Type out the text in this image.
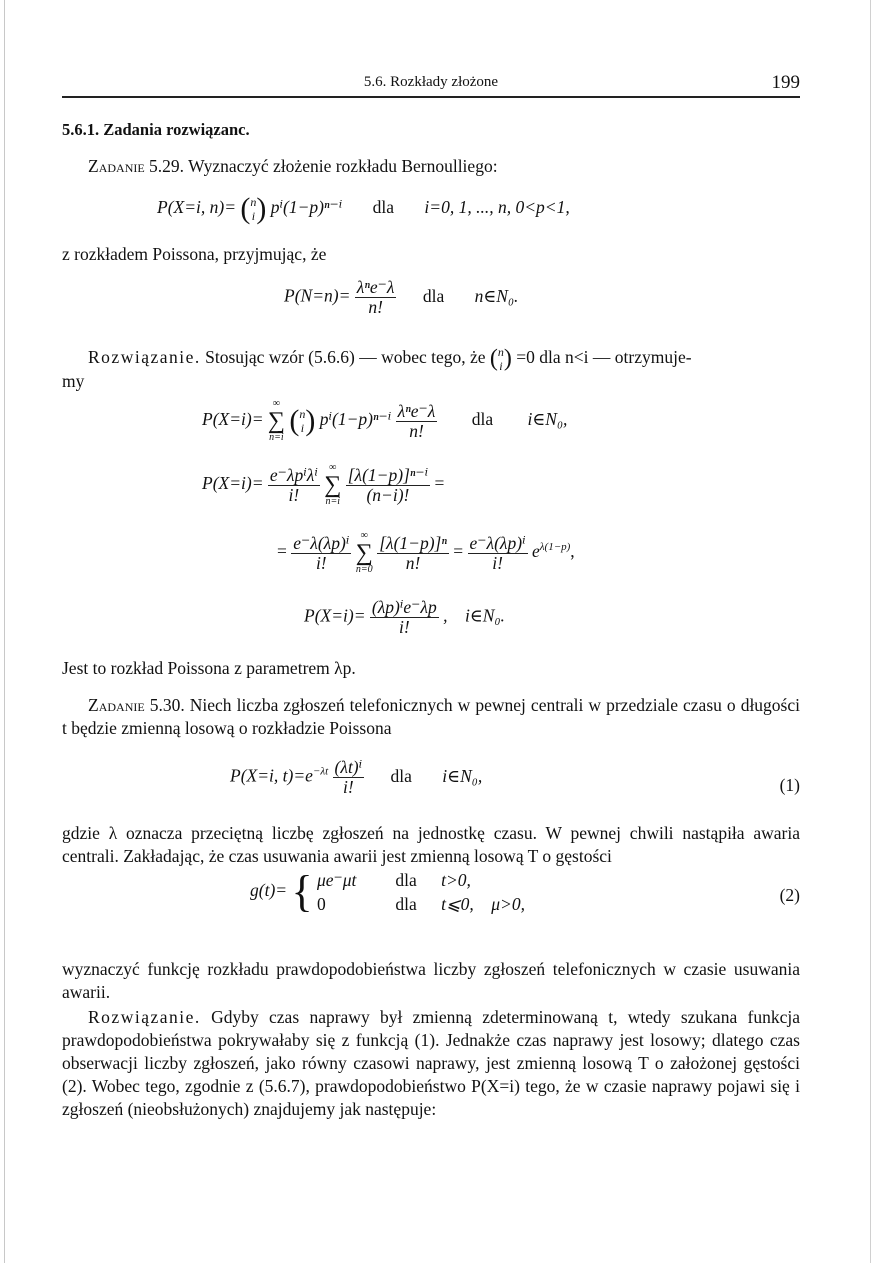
5.6. Rozkłady złożone	199
5.6.1. Zadania rozwiązanc.

Zadanie 5.29. Wyznaczyć złożenie rozkładu Bernoulliego:

P(X=i, n)= (n
i) pⁱ(1−p)ⁿ⁻ⁱ dla i=0, 1, ..., n, 0<p<1,

z rozkładem Poissona, przyjmując, że

$P(N=n)= \frac{\text{λⁿe⁻λ}}{n!}$ dla n∈N₀.

Rozwiązanie. Stosując wzór (5.6.6) — wobec tego, że (n
i) =0 dla n<i — otrzymuje-

my

P(X=i)=
∞
∑
n=i
(n
i) $p^i(1-p)^{n-i} \frac{\text{λⁿe⁻λ}}{n!}$ dla i∈N₀,
$P(X=i)= \frac{\text{e⁻λpⁱλⁱ}}{i!}$
∞
∑
n=i
$\frac{\text{[λ(1−p)]ⁿ⁻ⁱ}}{(n-i)!}$ =
= $\frac{\text{e⁻λ(λp)ⁱ}}{i!}$
∞
∑
n=0
$\frac{\text{[λ(1−p)]ⁿ}}{n!} = \frac{\text{e⁻λ(λp)ⁱ}}{i!} e^{\lambda(1-p)}$,
$P(X=i)= \frac{\text{(λp)ⁱe⁻λp}}{i!}$ ,    i∈N₀.

Jest to rozkład Poissona z parametrem λp.

Zadanie 5.30. Niech liczba zgłoszeń telefonicznych w pewnej centrali w przedziale czasu o długości t będzie zmienną losową o rozkładzie Poissona

P(X=i, $t)=e^{-\lambda t} \frac{\text{(λt)ⁱ}}{i!}$ dla i∈N₀,	(1)

gdzie λ oznacza przeciętną liczbę zgłoszeń na jednostkę czasu. W pewnej chwili nastąpiła awaria centrali. Zakładając, że czas usuwania awarii jest zmienną losową T o gęstości

g(t)= { μe⁻μt dla t>0,
0	dla t⩽0,    μ>0,	(2)

wyznaczyć funkcję rozkładu prawdopodobieństwa liczby zgłoszeń telefonicznych w czasie usuwania awarii.

Rozwiązanie. Gdyby czas naprawy był zmienną zdeterminowaną t, wtedy szukana funkcja prawdopodobieństwa pokrywałaby się z funkcją (1). Jednakże czas naprawy jest losowy; dlatego czas obserwacji liczby zgłoszeń, jako równy czasowi naprawy, jest zmienną losową T o założonej gęstości (2). Wobec tego, zgodnie z (5.6.7), prawdopodobieństwo P(X=i) tego, że w czasie naprawy pojawi się i zgłoszeń (nieobsłużonych) znajdujemy jak następuje:
